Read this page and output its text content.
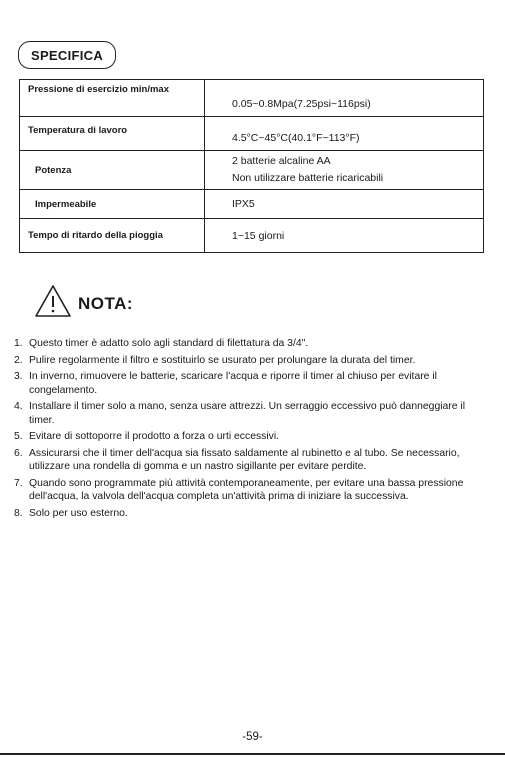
SPECIFICA
Pressione di esercizio min/max	0.05~0.8Mpa(7.25psi~116psi)

Temperatura di lavoro	4.5°C~45°C(40.1°F~113°F)

Potenza	2 batterie alcaline AA
Non utilizzare batterie ricaricabili

Impermeabile	IPX5
Tempo di ritardo della pioggia	1~15 giorni
NOTA:
1. Questo timer è adatto solo agli standard di filettatura da 3/4".
2. Pulire regolarmente il filtro e sostituirlo se usurato per prolungare la durata del timer.
3. In inverno, rimuovere le batterie, scaricare l'acqua e riporre il timer al chiuso per evitare il congelamento.
4. Installare il timer solo a mano, senza usare attrezzi. Un serraggio eccessivo può danneggiare il timer.
5. Evitare di sottoporre il prodotto a forza o urti eccessivi.
6. Assicurarsi che il timer dell'acqua sia fissato saldamente al rubinetto e al tubo. Se necessario, utilizzare una rondella di gomma e un nastro sigillante per evitare perdite.
7. Quando sono programmate più attività contemporaneamente, per evitare una bassa pressione dell'acqua, la valvola dell'acqua completa un'attività prima di iniziare la successiva.
8. Solo per uso esterno.
-59-
